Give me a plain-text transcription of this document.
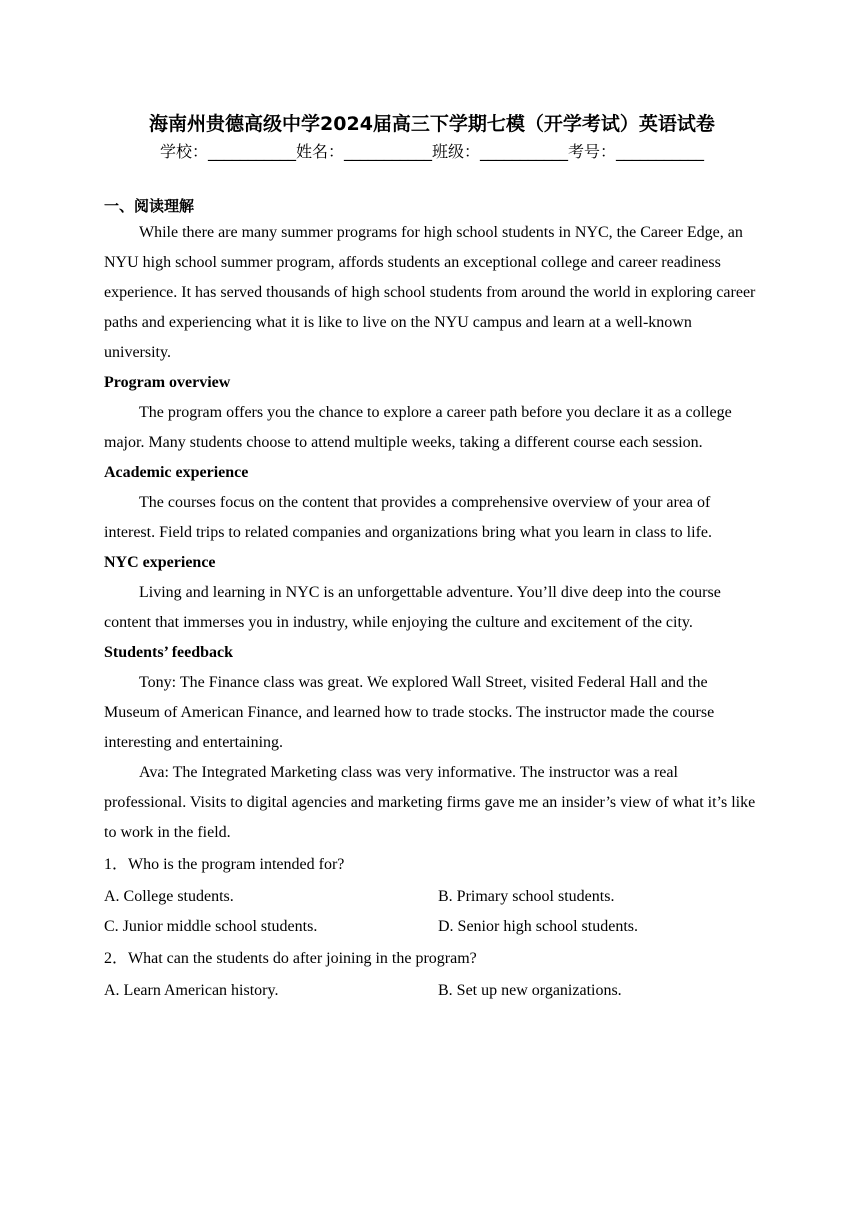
海南州贵德高级中学2024届高三下学期七模（开学考试）英语试卷
学校：___________姓名：___________班级：___________考号：___________
一、阅读理解

While there are many summer programs for high school students in NYC, the Career Edge, an NYU high school summer program, affords students an exceptional college and career readiness experience. It has served thousands of high school students from around the world in exploring career paths and experiencing what it is like to live on the NYU campus and learn at a well-known university.

Program overview

The program offers you the chance to explore a career path before you declare it as a college major. Many students choose to attend multiple weeks, taking a different course each session.

Academic experience

The courses focus on the content that provides a comprehensive overview of your area of interest. Field trips to related companies and organizations bring what you learn in class to life.

NYC experience

Living and learning in NYC is an unforgettable adventure. You’ll dive deep into the course content that immerses you in industry, while enjoying the culture and excitement of the city.

Students’ feedback

Tony: The Finance class was great. We explored Wall Street, visited Federal Hall and the Museum of American Finance, and learned how to trade stocks. The instructor made the course interesting and entertaining.

Ava: The Integrated Marketing class was very informative. The instructor was a real professional. Visits to digital agencies and marketing firms gave me an insider’s view of what it’s like to work in the field.

1．Who is the program intended for?

A. College students.	B. Primary school students.
C. Junior middle school students.	D. Senior high school students.

2．What can the students do after joining in the program?

A. Learn American history.	B. Set up new organizations.
